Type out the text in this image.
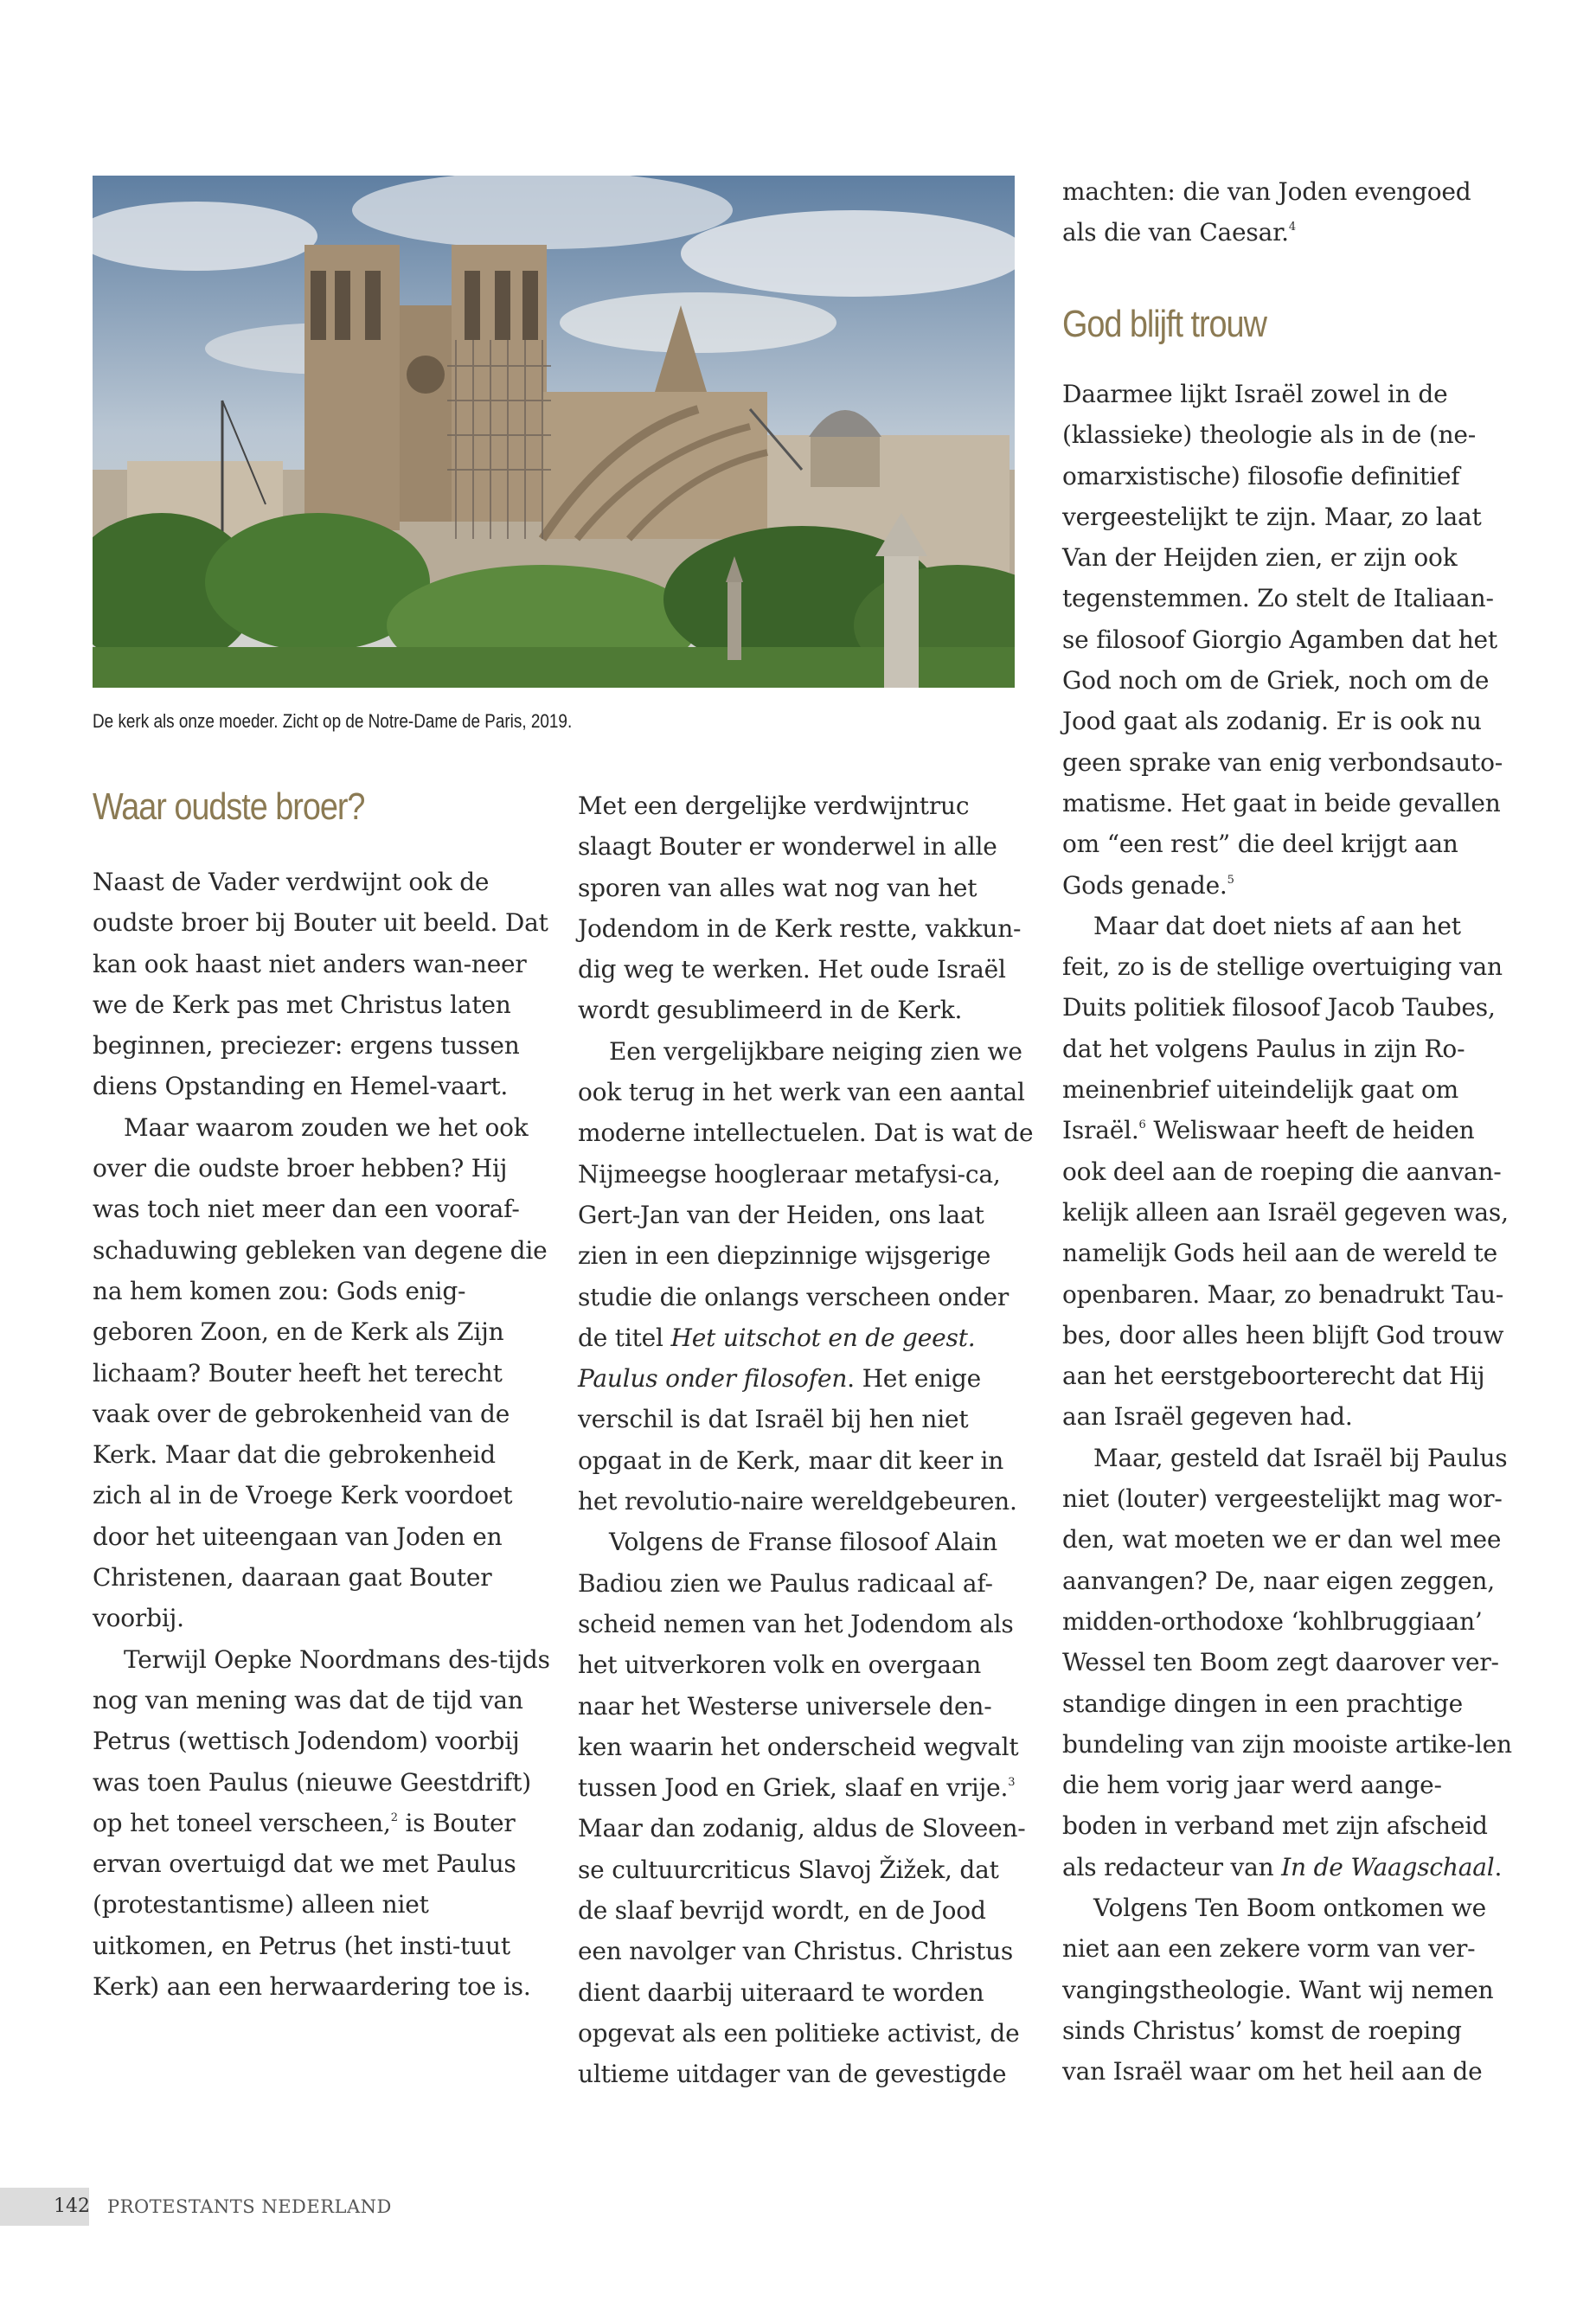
De kerk als onze moeder. Zicht op de Notre-Dame de Paris, 2019.
Waar oudste broer?

Naast de Vader verdwijnt ook de oudste broer bij Bouter uit beeld. Dat kan ook haast niet anders wan-neer we de Kerk pas met Christus laten beginnen, preciezer: ergens tussen diens Opstanding en Hemel-vaart.

Maar waarom zouden we het ook over die oudste broer hebben? Hij was toch niet meer dan een vooraf-schaduwing gebleken van degene die na hem komen zou: Gods enig-geboren Zoon, en de Kerk als Zijn lichaam? Bouter heeft het terecht vaak over de gebrokenheid van de Kerk. Maar dat die gebrokenheid zich al in de Vroege Kerk voordoet door het uiteengaan van Joden en Christenen, daaraan gaat Bouter voorbij.

Terwijl Oepke Noordmans des-tijds nog van mening was dat de tijd van Petrus (wettisch Jodendom) voorbij was toen Paulus (nieuwe Geestdrift) op het toneel verscheen,$^2$ is Bouter ervan overtuigd dat we met Paulus (protestantisme) alleen niet uitkomen, en Petrus (het insti-tuut Kerk) aan een herwaardering toe is.

Met een dergelijke verdwijntruc slaagt Bouter er wonderwel in alle sporen van alles wat nog van het Jodendom in de Kerk restte, vakkun-dig weg te werken. Het oude Israël wordt gesublimeerd in de Kerk.

Een vergelijkbare neiging zien we ook terug in het werk van een aantal moderne intellectuelen. Dat is wat de Nijmeegse hoogleraar metafysi-ca, Gert-Jan van der Heiden, ons laat zien in een diepzinnige wijsgerige studie die onlangs verscheen onder de titel Het uitschot en de geest. Paulus onder filosofen. Het enige verschil is dat Israël bij hen niet opgaat in de Kerk, maar dit keer in het revolutio-naire wereldgebeuren.

Volgens de Franse filosoof Alain Badiou zien we Paulus radicaal af-scheid nemen van het Jodendom als het uitverkoren volk en overgaan naar het Westerse universele den-ken waarin het onderscheid wegvalt tussen Jood en Griek, slaaf en vrije.$^3$ Maar dan zodanig, aldus de Sloveen-se cultuurcriticus Slavoj Žižek, dat de slaaf bevrijd wordt, en de Jood een navolger van Christus. Christus dient daarbij uiteraard te worden opgevat als een politieke activist, de ultieme uitdager van de gevestigde

machten: die van Joden evengoed als die van Caesar.$^4$

God blijft trouw

Daarmee lijkt Israël zowel in de (klassieke) theologie als in de (ne-omarxistische) filosofie definitief vergeestelijkt te zijn. Maar, zo laat Van der Heijden zien, er zijn ook tegenstemmen. Zo stelt de Italiaan-se filosoof Giorgio Agamben dat het God noch om de Griek, noch om de Jood gaat als zodanig. Er is ook nu geen sprake van enig verbondsauto-matisme. Het gaat in beide gevallen om “een rest” die deel krijgt aan Gods genade.$^5$

Maar dat doet niets af aan het feit, zo is de stellige overtuiging van Duits politiek filosoof Jacob Taubes, dat het volgens Paulus in zijn Ro-meinenbrief uiteindelijk gaat om Israël.$^6$ Weliswaar heeft de heiden ook deel aan de roeping die aanvan-kelijk alleen aan Israël gegeven was, namelijk Gods heil aan de wereld te openbaren. Maar, zo benadrukt Tau-bes, door alles heen blijft God trouw aan het eerstgeboorterecht dat Hij aan Israël gegeven had.

Maar, gesteld dat Israël bij Paulus niet (louter) vergeestelijkt mag wor-den, wat moeten we er dan wel mee aanvangen? De, naar eigen zeggen, midden-orthodoxe ‘kohlbruggiaan’ Wessel ten Boom zegt daarover ver-standige dingen in een prachtige bundeling van zijn mooiste artike-len die hem vorig jaar werd aange-boden in verband met zijn afscheid als redacteur van In de Waagschaal.

Volgens Ten Boom ontkomen we niet aan een zekere vorm van ver-vangingstheologie. Want wij nemen sinds Christus’ komst de roeping van Israël waar om het heil aan de

142 PROTESTANTS NEDERLAND
